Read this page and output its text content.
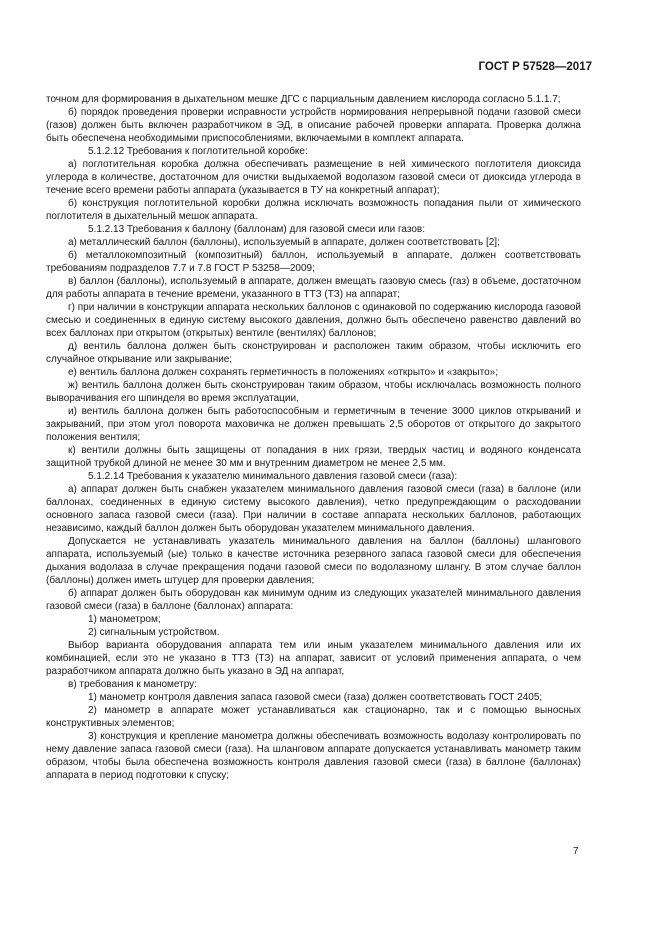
ГОСТ Р 57528—2017

точном для формирования в дыхательном мешке ДГС с парциальным давлением кислорода согласно 5.1.1.7;

б) порядок проведения проверки исправности устройств нормирования непрерывной подачи газовой смеси (газов) должен быть включен разработчиком в ЭД, в описание рабочей проверки аппарата. Проверка должна быть обеспечена необходимыми приспособлениями, включаемыми в комплект аппарата.

5.1.2.12 Требования к поглотительной коробке:

а) поглотительная коробка должна обеспечивать размещение в ней химического поглотителя диоксида углерода в количестве, достаточном для очистки выдыхаемой водолазом газовой смеси от диоксида углерода в течение всего времени работы аппарата (указывается в ТУ на конкретный аппарат);

б) конструкция поглотительной коробки должна исключать возможность попадания пыли от химического поглотителя в дыхательный мешок аппарата.

5.1.2.13 Требования к баллону (баллонам) для газовой смеси или газов:

а) металлический баллон (баллоны), используемый в аппарате, должен соответствовать [2];

б) металлокомпозитный (композитный) баллон, используемый в аппарате, должен соответствовать требованиям подразделов 7.7 и 7.8 ГОСТ Р 53258—2009;

в) баллон (баллоны), используемый в аппарате, должен вмещать газовую смесь (газ) в объеме, достаточном для работы аппарата в течение времени, указанного в ТТЗ (ТЗ) на аппарат;

г) при наличии в конструкции аппарата нескольких баллонов с одинаковой по содержанию кислорода газовой смесью и соединенных в единую систему высокого давления, должно быть обеспечено равенство давлений во всех баллонах при открытом (открытых) вентиле (вентилях) баллонов;

д) вентиль баллона должен быть сконструирован и расположен таким образом, чтобы исключить его случайное открывание или закрывание;

е) вентиль баллона должен сохранять герметичность в положениях «открыто» и «закрыто»;

ж) вентиль баллона должен быть сконструирован таким образом, чтобы исключалась возможность полного выворачивания его шпинделя во время эксплуатации,

и) вентиль баллона должен быть работоспособным и герметичным в течение 3000 циклов открываний и закрываний, при этом угол поворота маховичка не должен превышать 2,5 оборотов от открытого до закрытого положения вентиля;

к) вентили должны быть защищены от попадания в них грязи, твердых частиц и водяного конденсата защитной трубкой длиной не менее 30 мм и внутренним диаметром не менее 2,5 мм.

5.1.2.14 Требования к указателю минимального давления газовой смеси (газа):

а) аппарат должен быть снабжен указателем минимального давления газовой смеси (газа) в баллоне (или баллонах, соединенных в единую систему высокого давления), четко предупреждающим о расходовании основного запаса газовой смеси (газа). При наличии в составе аппарата нескольких баллонов, работающих независимо, каждый баллон должен быть оборудован указателем минимального давления.

Допускается не устанавливать указатель минимального давления на баллон (баллоны) шлангового аппарата, используемый (ые) только в качестве источника резервного запаса газовой смеси для обеспечения дыхания водолаза в случае прекращения подачи газовой смеси по водолазному шлангу. В этом случае баллон (баллоны) должен иметь штуцер для проверки давления;

б) аппарат должен быть оборудован как минимум одним из следующих указателей минимального давления газовой смеси (газа) в баллоне (баллонах) аппарата:

1) манометром;

2) сигнальным устройством.

Выбор варианта оборудования аппарата тем или иным указателем минимального давления или их комбинацией, если это не указано в ТТЗ (ТЗ) на аппарат, зависит от условий применения аппарата, о чем разработчиком аппарата должно быть указано в ЭД на аппарат,

в) требования к манометру:

1) манометр контроля давления запаса газовой смеси (газа) должен соответствовать ГОСТ 2405;

2) манометр в аппарате может устанавливаться как стационарно, так и с помощью выносных конструктивных элементов;

3) конструкция и крепление манометра должны обеспечивать возможность водолазу контролировать по нему давление запаса газовой смеси (газа). На шланговом аппарате допускается устанавливать манометр таким образом, чтобы была обеспечена возможность контроля давления газовой смеси (газа) в баллоне (баллонах) аппарата в период подготовки к спуску;

7
